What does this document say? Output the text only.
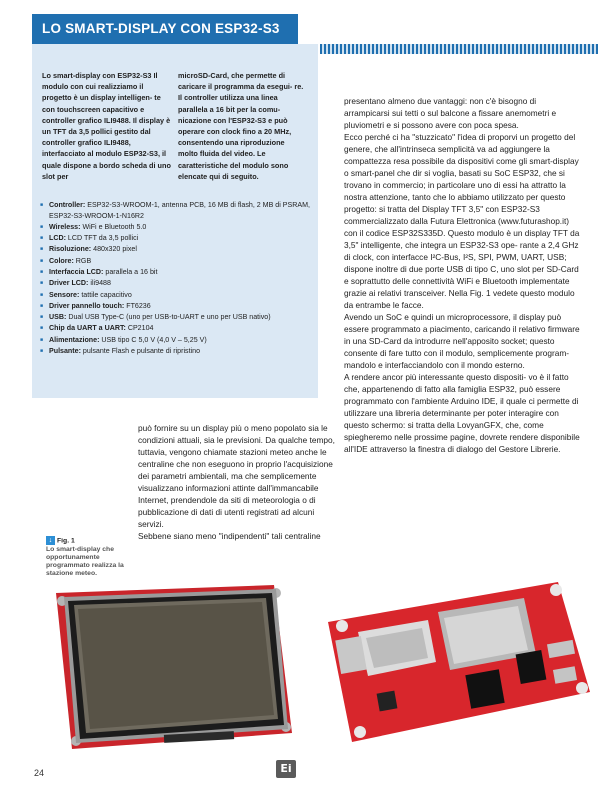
LO SMART-DISPLAY CON ESP32-S3
Lo smart-display con ESP32-S3 Il modulo con cui realizziamo il progetto è un display intelligen- te con touchscreen capacitivo e controller grafico ILI9488. Il display è un TFT da 3,5 pollici gestito dal controller grafico ILI9488, interfacciato al modulo ESP32-S3, il quale dispone a bordo scheda di uno slot per
microSD-Card, che permette di caricare il programma da esegui- re. Il controller utilizza una linea parallela a 16 bit per la comu- nicazione con l'ESP32-S3 e può operare con clock fino a 20 MHz, consentendo una riproduzione molto fluida del video. Le caratteristiche del modulo sono elencate qui di seguito.
■ Controller: ESP32-S3-WROOM-1, antenna PCB, 16 MB di flash, 2 MB di PSRAM, ESP32-S3-WROOM-1-N16R2
■ Wireless: WiFi e Bluetooth 5.0
■ LCD: LCD TFT da 3,5 pollici
■ Risoluzione: 480x320 pixel
■ Colore: RGB
■ Interfaccia LCD: parallela a 16 bit
■ Driver LCD: ili9488
■ Sensore: tattile capacitivo
■ Driver pannello touch: FT6236
■ USB: Dual USB Type-C (uno per USB-to-UART e uno per USB nativo)
■ Chip da UART a UART: CP2104
■ Alimentazione: USB tipo C 5,0 V (4,0 V – 5,25 V)
■ Pulsante: pulsante Flash e pulsante di ripristino

presentano almeno due vantaggi: non c'è bisogno di arrampicarsi sui tetti o sul balcone a fissare anemometri e pluviometri e si possono avere con poca spesa.

Ecco perché ci ha "stuzzicato" l'idea di proporvi un progetto del genere, che all'intrinseca semplicità va ad aggiungere la compattezza resa possibile da dispositivi come gli smart-display o smart-panel che dir si voglia, basati su SoC ESP32, che si trovano in commercio; in particolare uno di essi ha attratto la nostra attenzione, tanto che lo abbiamo utilizzato per questo progetto: si tratta del Display TFT 3,5" con ESP32-S3 commercializzato dalla Futura Elettronica (www.futurashop.it) con il codice ESP32S335D. Questo modulo è un display TFT da 3,5" intelligente, che integra un ESP32-S3 ope- rante a 2,4 GHz di clock, con interfacce I²C-Bus, I²S, SPI, PWM, UART, USB; dispone inoltre di due porte USB di tipo C, uno slot per SD-Card e soprattutto delle connettività WiFi e Bluetooth implementate grazie ai relativi transceiver. Nella Fig. 1 vedete questo modulo da entrambe le facce.

Avendo un SoC e quindi un microprocessore, il display può essere programmato a piacimento, caricando il relativo firmware in una SD-Card da introdurre nell'apposito socket; questo consente di fare tutto con il modulo, semplicemente program- mandolo e interfacciandolo con il mondo esterno.

A rendere ancor più interessante questo dispositi- vo è il fatto che, appartenendo di fatto alla famiglia ESP32, può essere programmato con l'ambiente Arduino IDE, il quale ci permette di utilizzare una libreria determinante per poter interagire con questo schermo: si tratta della LovyanGFX, che, come spiegheremo nelle prossime pagine, dovrete rendere disponibile all'IDE attraverso la finestra di dialogo del Gestore Librerie.

può fornire su un display più o meno popolato sia le condizioni attuali, sia le previsioni. Da qualche tempo, tuttavia, vengono chiamate stazioni meteo anche le centraline che non eseguono in proprio l'acquisizione dei parametri ambientali, ma che semplicemente visualizzano informazioni attinte dall'immancabile Internet, prendendole da siti di meteorologia o di pubblicazione di dati di utenti registrati ad alcuni servizi.

Sebbene siano meno "indipendenti" tali centraline

↓ Fig. 1
Lo smart-display che opportunamente programmato realizza la stazione meteo.
24	Ei
